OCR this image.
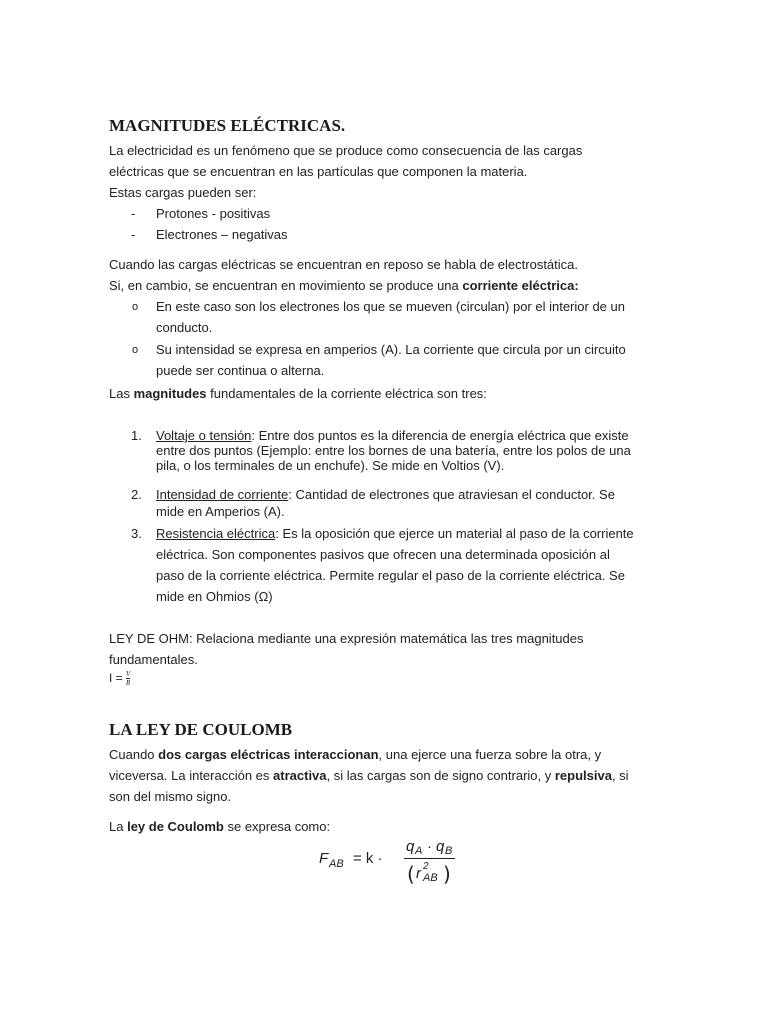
MAGNITUDES ELÉCTRICAS.
La electricidad es un fenómeno que se produce como consecuencia de las cargas
eléctricas que se encuentran en las partículas que componen la materia.
Estas cargas pueden ser:
- Protones - positivas
- Electrones – negativas
Cuando las cargas eléctricas se encuentran en reposo se habla de electrostática.
Si, en cambio, se encuentran en movimiento se produce una corriente eléctrica:
o En este caso son los electrones los que se mueven (circulan) por el interior de un
conducto.
o Su intensidad se expresa en amperios (A). La corriente que circula por un circuito
puede ser continua o alterna.
Las magnitudes fundamentales de la corriente eléctrica son tres:
1. Voltaje o tensión: Entre dos puntos es la diferencia de energía eléctrica que existe
entre dos puntos (Ejemplo: entre los bornes de una batería, entre los polos de una
pila, o los terminales de un enchufe). Se mide en Voltios (V).
2. Intensidad de corriente: Cantidad de electrones que atraviesan el conductor. Se
mide en Amperios (A).
3. Resistencia eléctrica: Es la oposición que ejerce un material al paso de la corriente
eléctrica. Son componentes pasivos que ofrecen una determinada oposición al
paso de la corriente eléctrica. Permite regular el paso de la corriente eléctrica. Se
mide en Ohmios (Ω)
LEY DE OHM: Relaciona mediante una expresión matemática las tres magnitudes
fundamentales.
$I = \frac{V}{R}$
LA LEY DE COULOMB
Cuando dos cargas eléctricas interaccionan, una ejerce una fuerza sobre la otra, y
viceversa. La interacción es atractiva, si las cargas son de signo contrario, y repulsiva, si
son del mismo signo.
La ley de Coulomb se expresa como:
F AB = k ·
q A · q B
( r 2
AB )
